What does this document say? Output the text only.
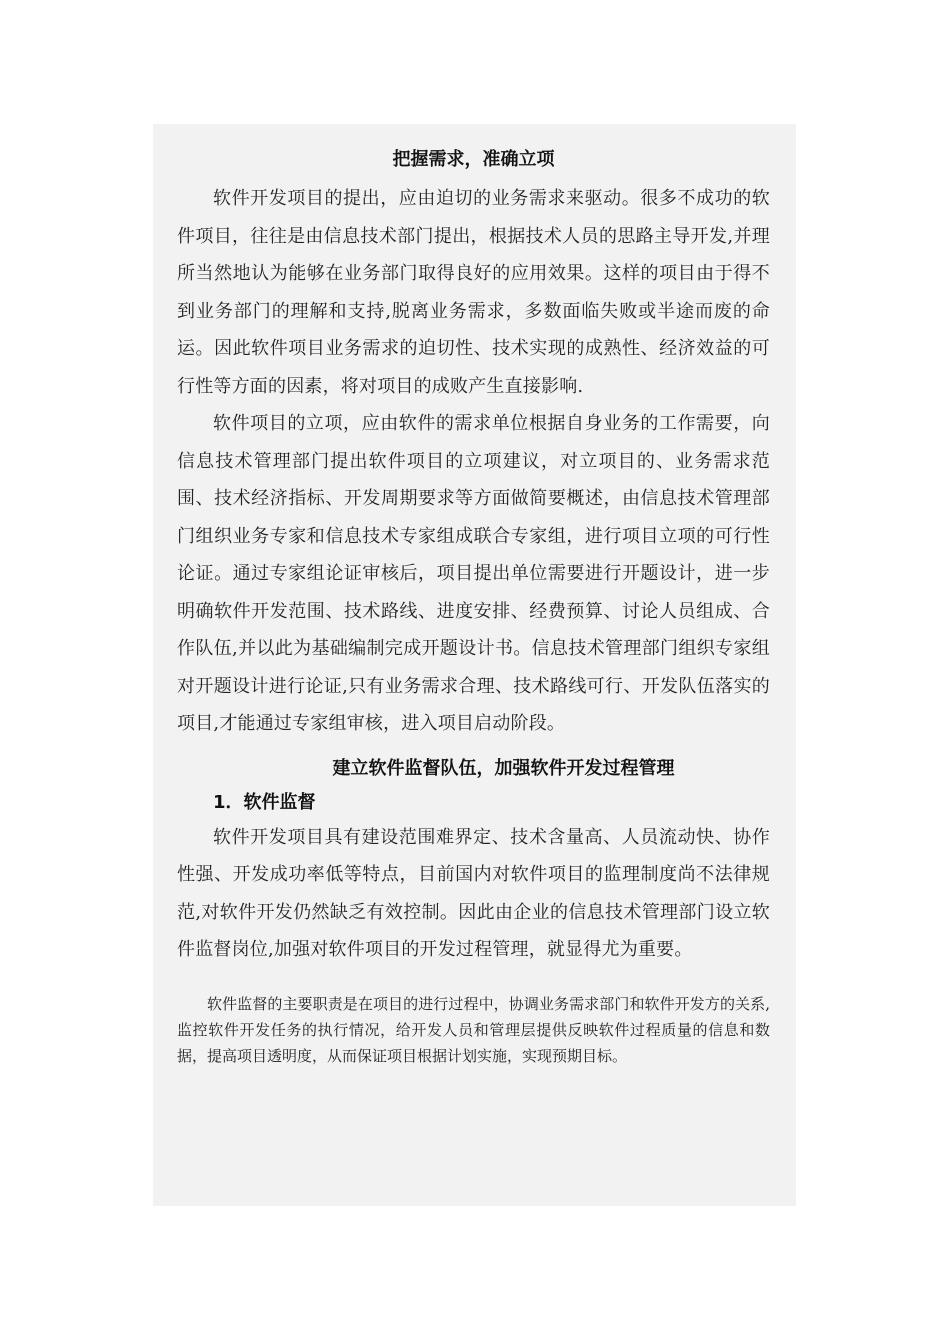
把握需求，准确立项

软件开发项目的提出，应由迫切的业务需求来驱动。很多不成功的软件项目，往往是由信息技术部门提出，根据技术人员的思路主导开发,并理所当然地认为能够在业务部门取得良好的应用效果。这样的项目由于得不到业务部门的理解和支持,脱离业务需求，多数面临失败或半途而废的命运。因此软件项目业务需求的迫切性、技术实现的成熟性、经济效益的可行性等方面的因素，将对项目的成败产生直接影响.

软件项目的立项，应由软件的需求单位根据自身业务的工作需要，向信息技术管理部门提出软件项目的立项建议，对立项目的、业务需求范围、技术经济指标、开发周期要求等方面做简要概述，由信息技术管理部门组织业务专家和信息技术专家组成联合专家组，进行项目立项的可行性论证。通过专家组论证审核后，项目提出单位需要进行开题设计，进一步明确软件开发范围、技术路线、进度安排、经费预算、讨论人员组成、合作队伍,并以此为基础编制完成开题设计书。信息技术管理部门组织专家组对开题设计进行论证,只有业务需求合理、技术路线可行、开发队伍落实的项目,才能通过专家组审核，进入项目启动阶段。

建立软件监督队伍，加强软件开发过程管理
1．软件监督

软件开发项目具有建设范围难界定、技术含量高、人员流动快、协作性强、开发成功率低等特点，目前国内对软件项目的监理制度尚不法律规范,对软件开发仍然缺乏有效控制。因此由企业的信息技术管理部门设立软件监督岗位,加强对软件项目的开发过程管理，就显得尤为重要。

软件监督的主要职责是在项目的进行过程中，协调业务需求部门和软件开发方的关系,监控软件开发任务的执行情况，给开发人员和管理层提供反映软件过程质量的信息和数据，提高项目透明度，从而保证项目根据计划实施，实现预期目标。
